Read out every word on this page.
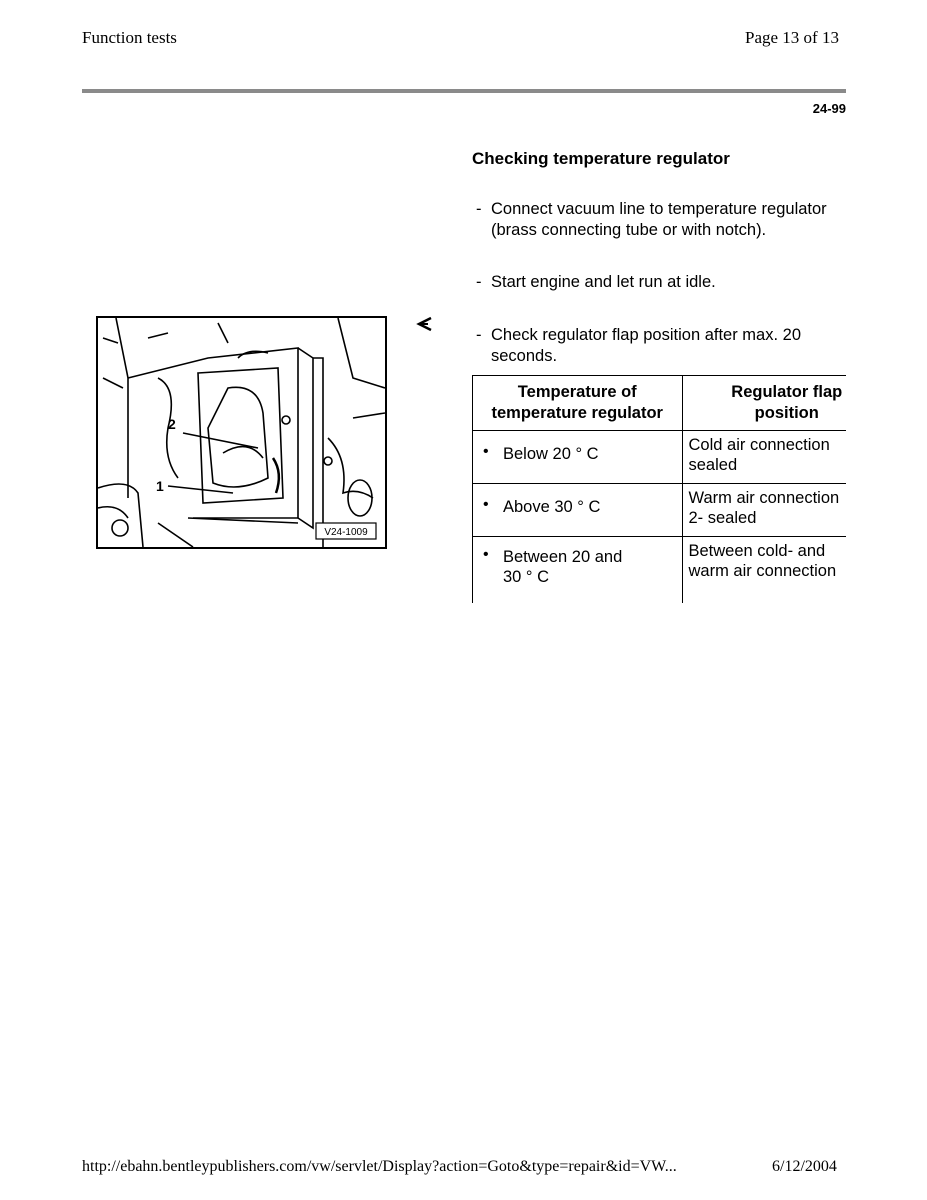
Function tests	Page 13 of 13
24-99
Checking temperature regulator
- Connect vacuum line to temperature regulator
(brass connecting tube or with notch).
- Start engine and let run at idle.
- Check regulator flap position after max. 20
seconds.
V24-1009
2
1
Temperature of
temperature regulator	Regulator flap
position

• Below 20 ° C	Cold air connection
sealed

• Above 30 ° C	Warm air connection
2- sealed

• Between 20 and
30 ° C	Between cold- and
warm air connection
http://ebahn.bentleypublishers.com/vw/servlet/Display?action=Goto&type=repair&id=VW...	6/12/2004
